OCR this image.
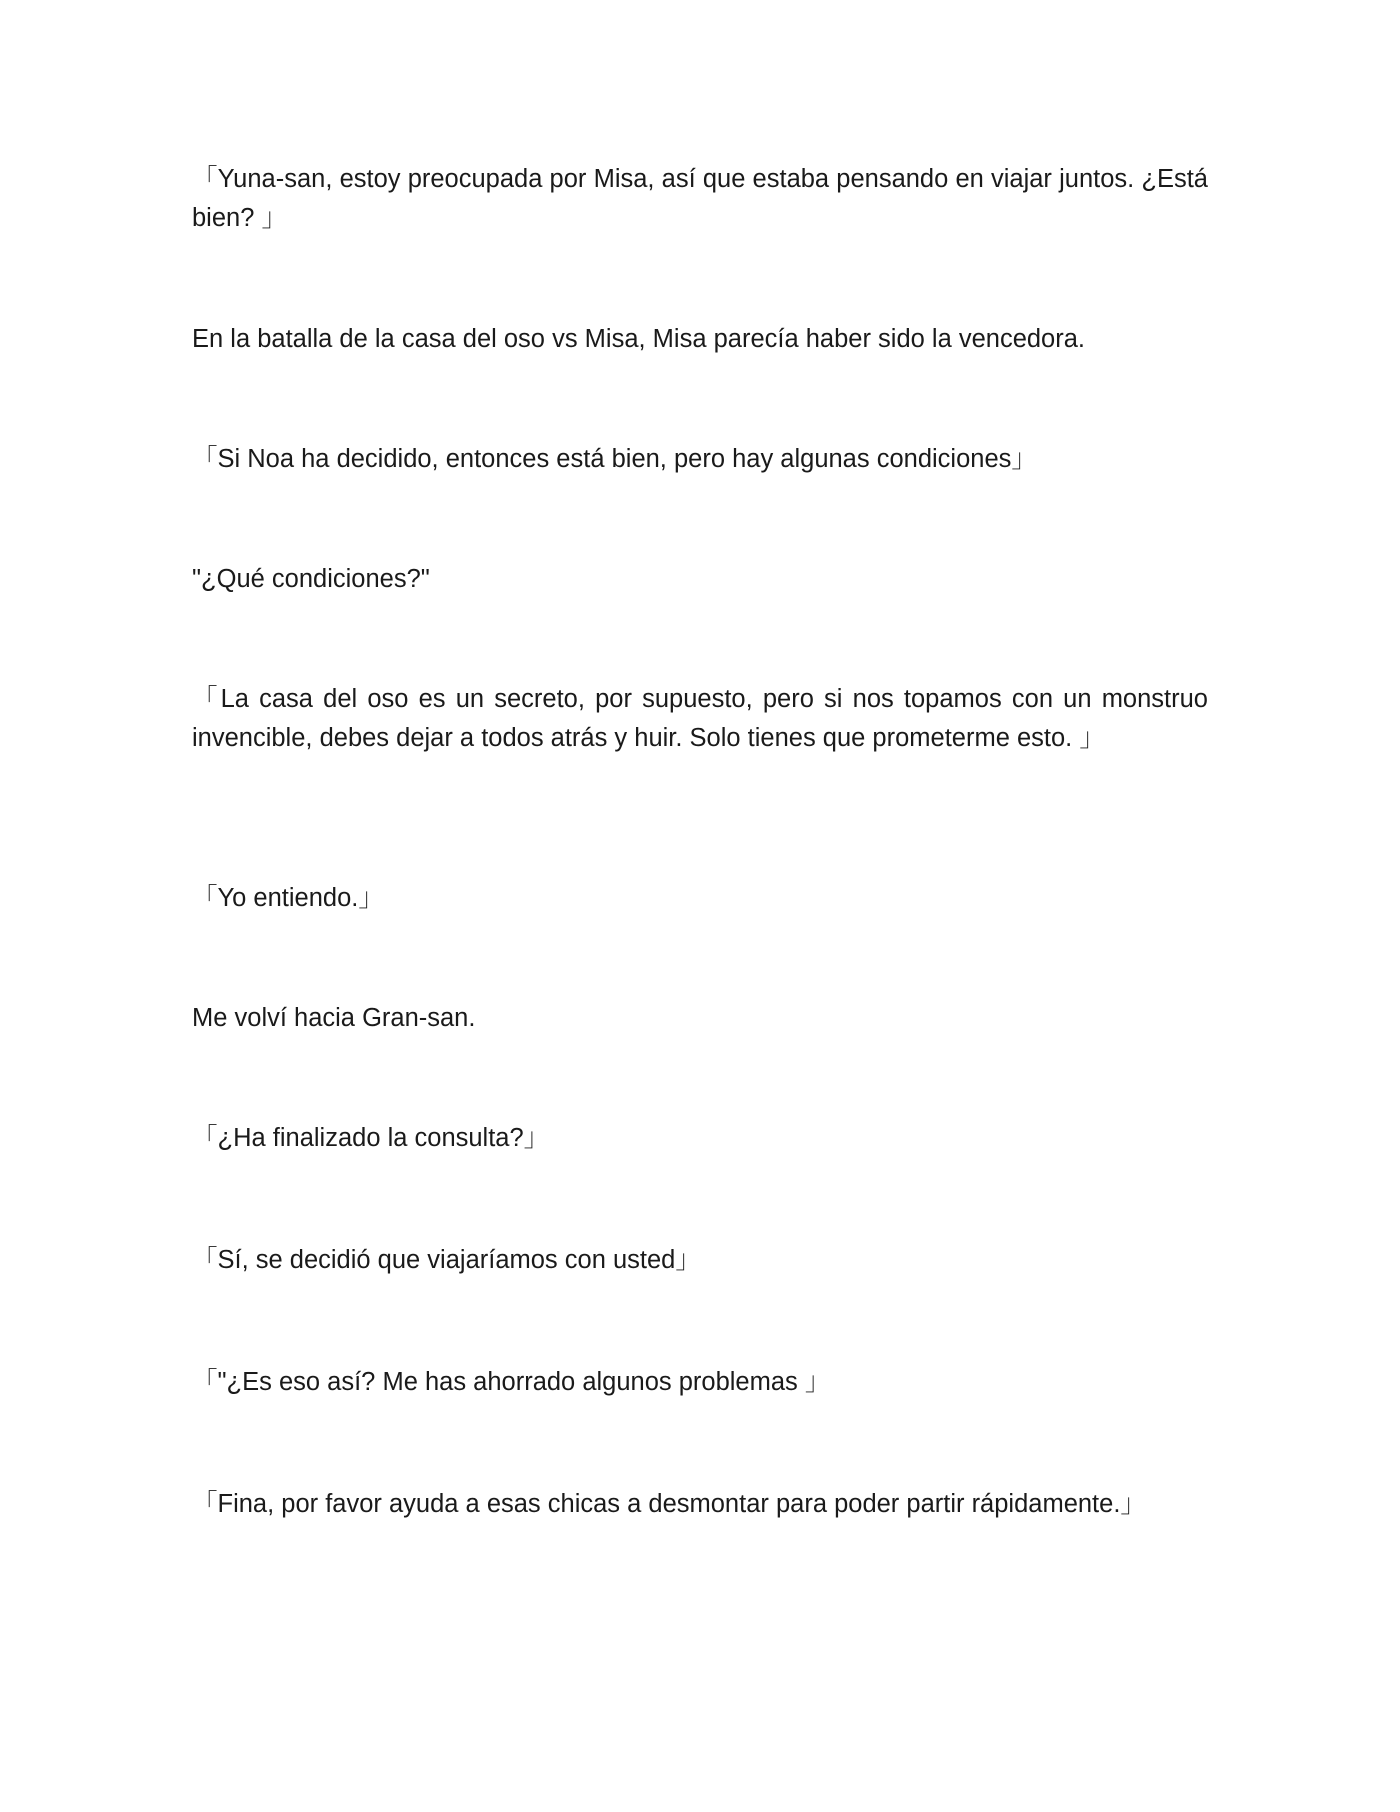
「Yuna-san, estoy preocupada por Misa, así que estaba pensando en viajar juntos. ¿Está bien? 」

En la batalla de la casa del oso vs Misa, Misa parecía haber sido la vencedora.

「Si Noa ha decidido, entonces está bien, pero hay algunas condiciones」

"¿Qué condiciones?"

「La casa del oso es un secreto, por supuesto, pero si nos topamos con un monstruo invencible, debes dejar a todos atrás y huir. Solo tienes que prometerme esto. 」

「Yo entiendo.」

Me volví hacia Gran-san.

「¿Ha finalizado la consulta?」

「Sí, se decidió que viajaríamos con usted」

「"¿Es eso así? Me has ahorrado algunos problemas 」

「Fina, por favor ayuda a esas chicas a desmontar para poder partir rápidamente.」
